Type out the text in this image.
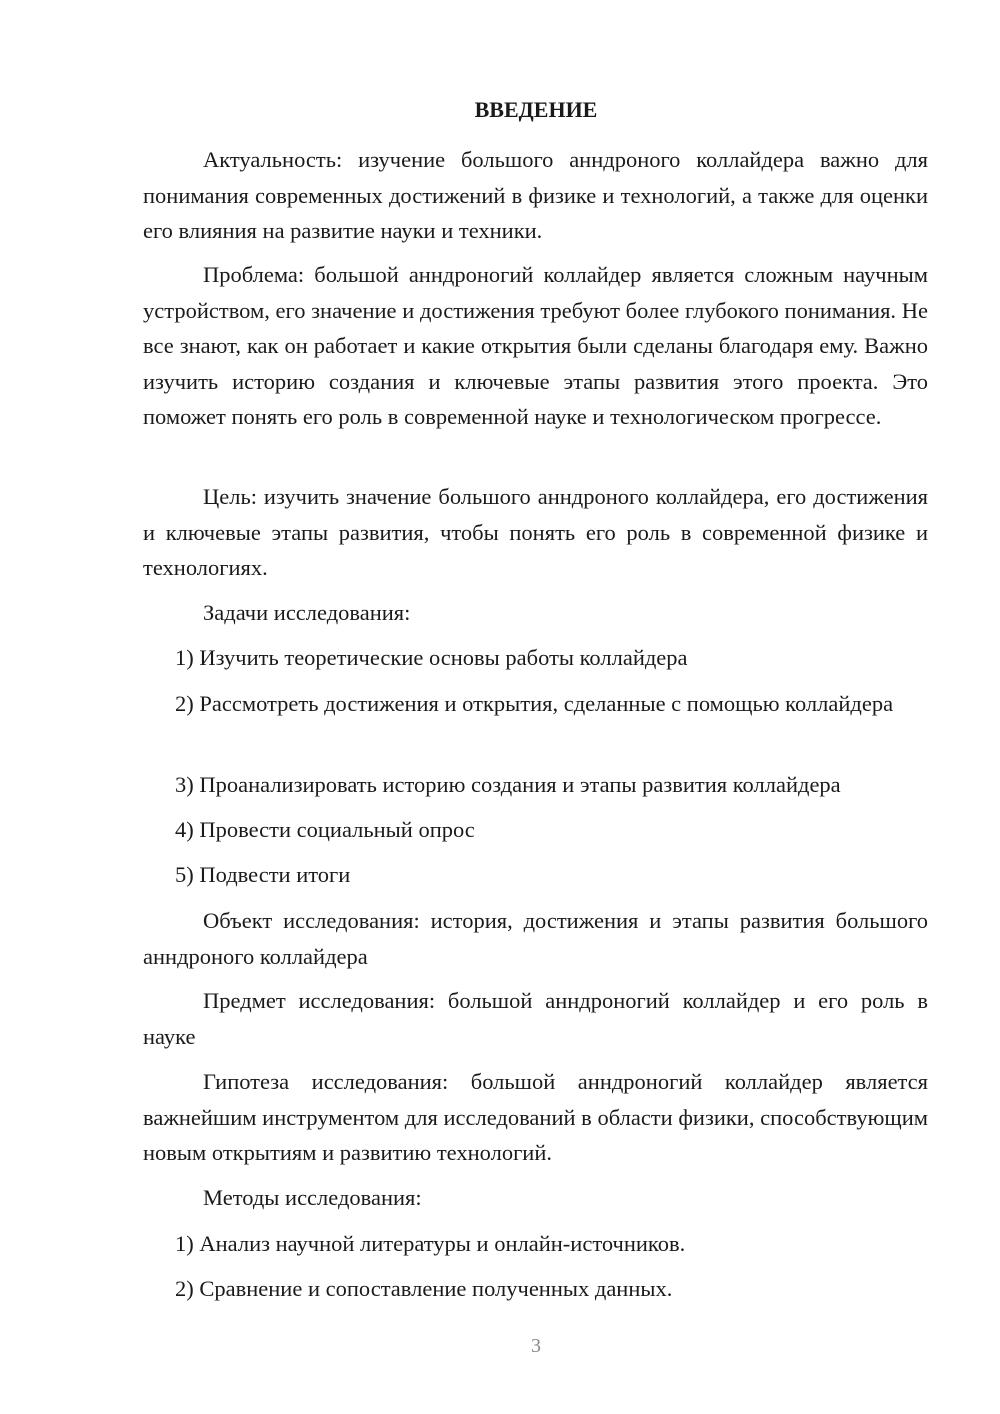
ВВЕДЕНИЕ

Актуальность: изучение большого анндроного коллайдера важно для понимания современных достижений в физике и технологий, а также для оценки его влияния на развитие науки и техники.

Проблема: большой анндроногий коллайдер является сложным научным устройством, его значение и достижения требуют более глубокого понимания. Не все знают, как он работает и какие открытия были сделаны благодаря ему. Важно изучить историю создания и ключевые этапы развития этого проекта. Это поможет понять его роль в современной науке и технологическом прогрессе.

Цель: изучить значение большого анндроного коллайдера, его достижения и ключевые этапы развития, чтобы понять его роль в современной физике и технологиях.

Задачи исследования:

1) Изучить теоретические основы работы коллайдера

2) Рассмотреть достижения и открытия, сделанные с помощью коллайдера

3) Проанализировать историю создания и этапы развития коллайдера

4) Провести социальный опрос

5) Подвести итоги

Объект исследования: история, достижения и этапы развития большого анндроного коллайдера

Предмет исследования: большой анндроногий коллайдер и его роль в науке

Гипотеза исследования: большой анндроногий коллайдер является важнейшим инструментом для исследований в области физики, способствующим новым открытиям и развитию технологий.

Методы исследования:

1) Анализ научной литературы и онлайн-источников.

2) Сравнение и сопоставление полученных данных.

3
